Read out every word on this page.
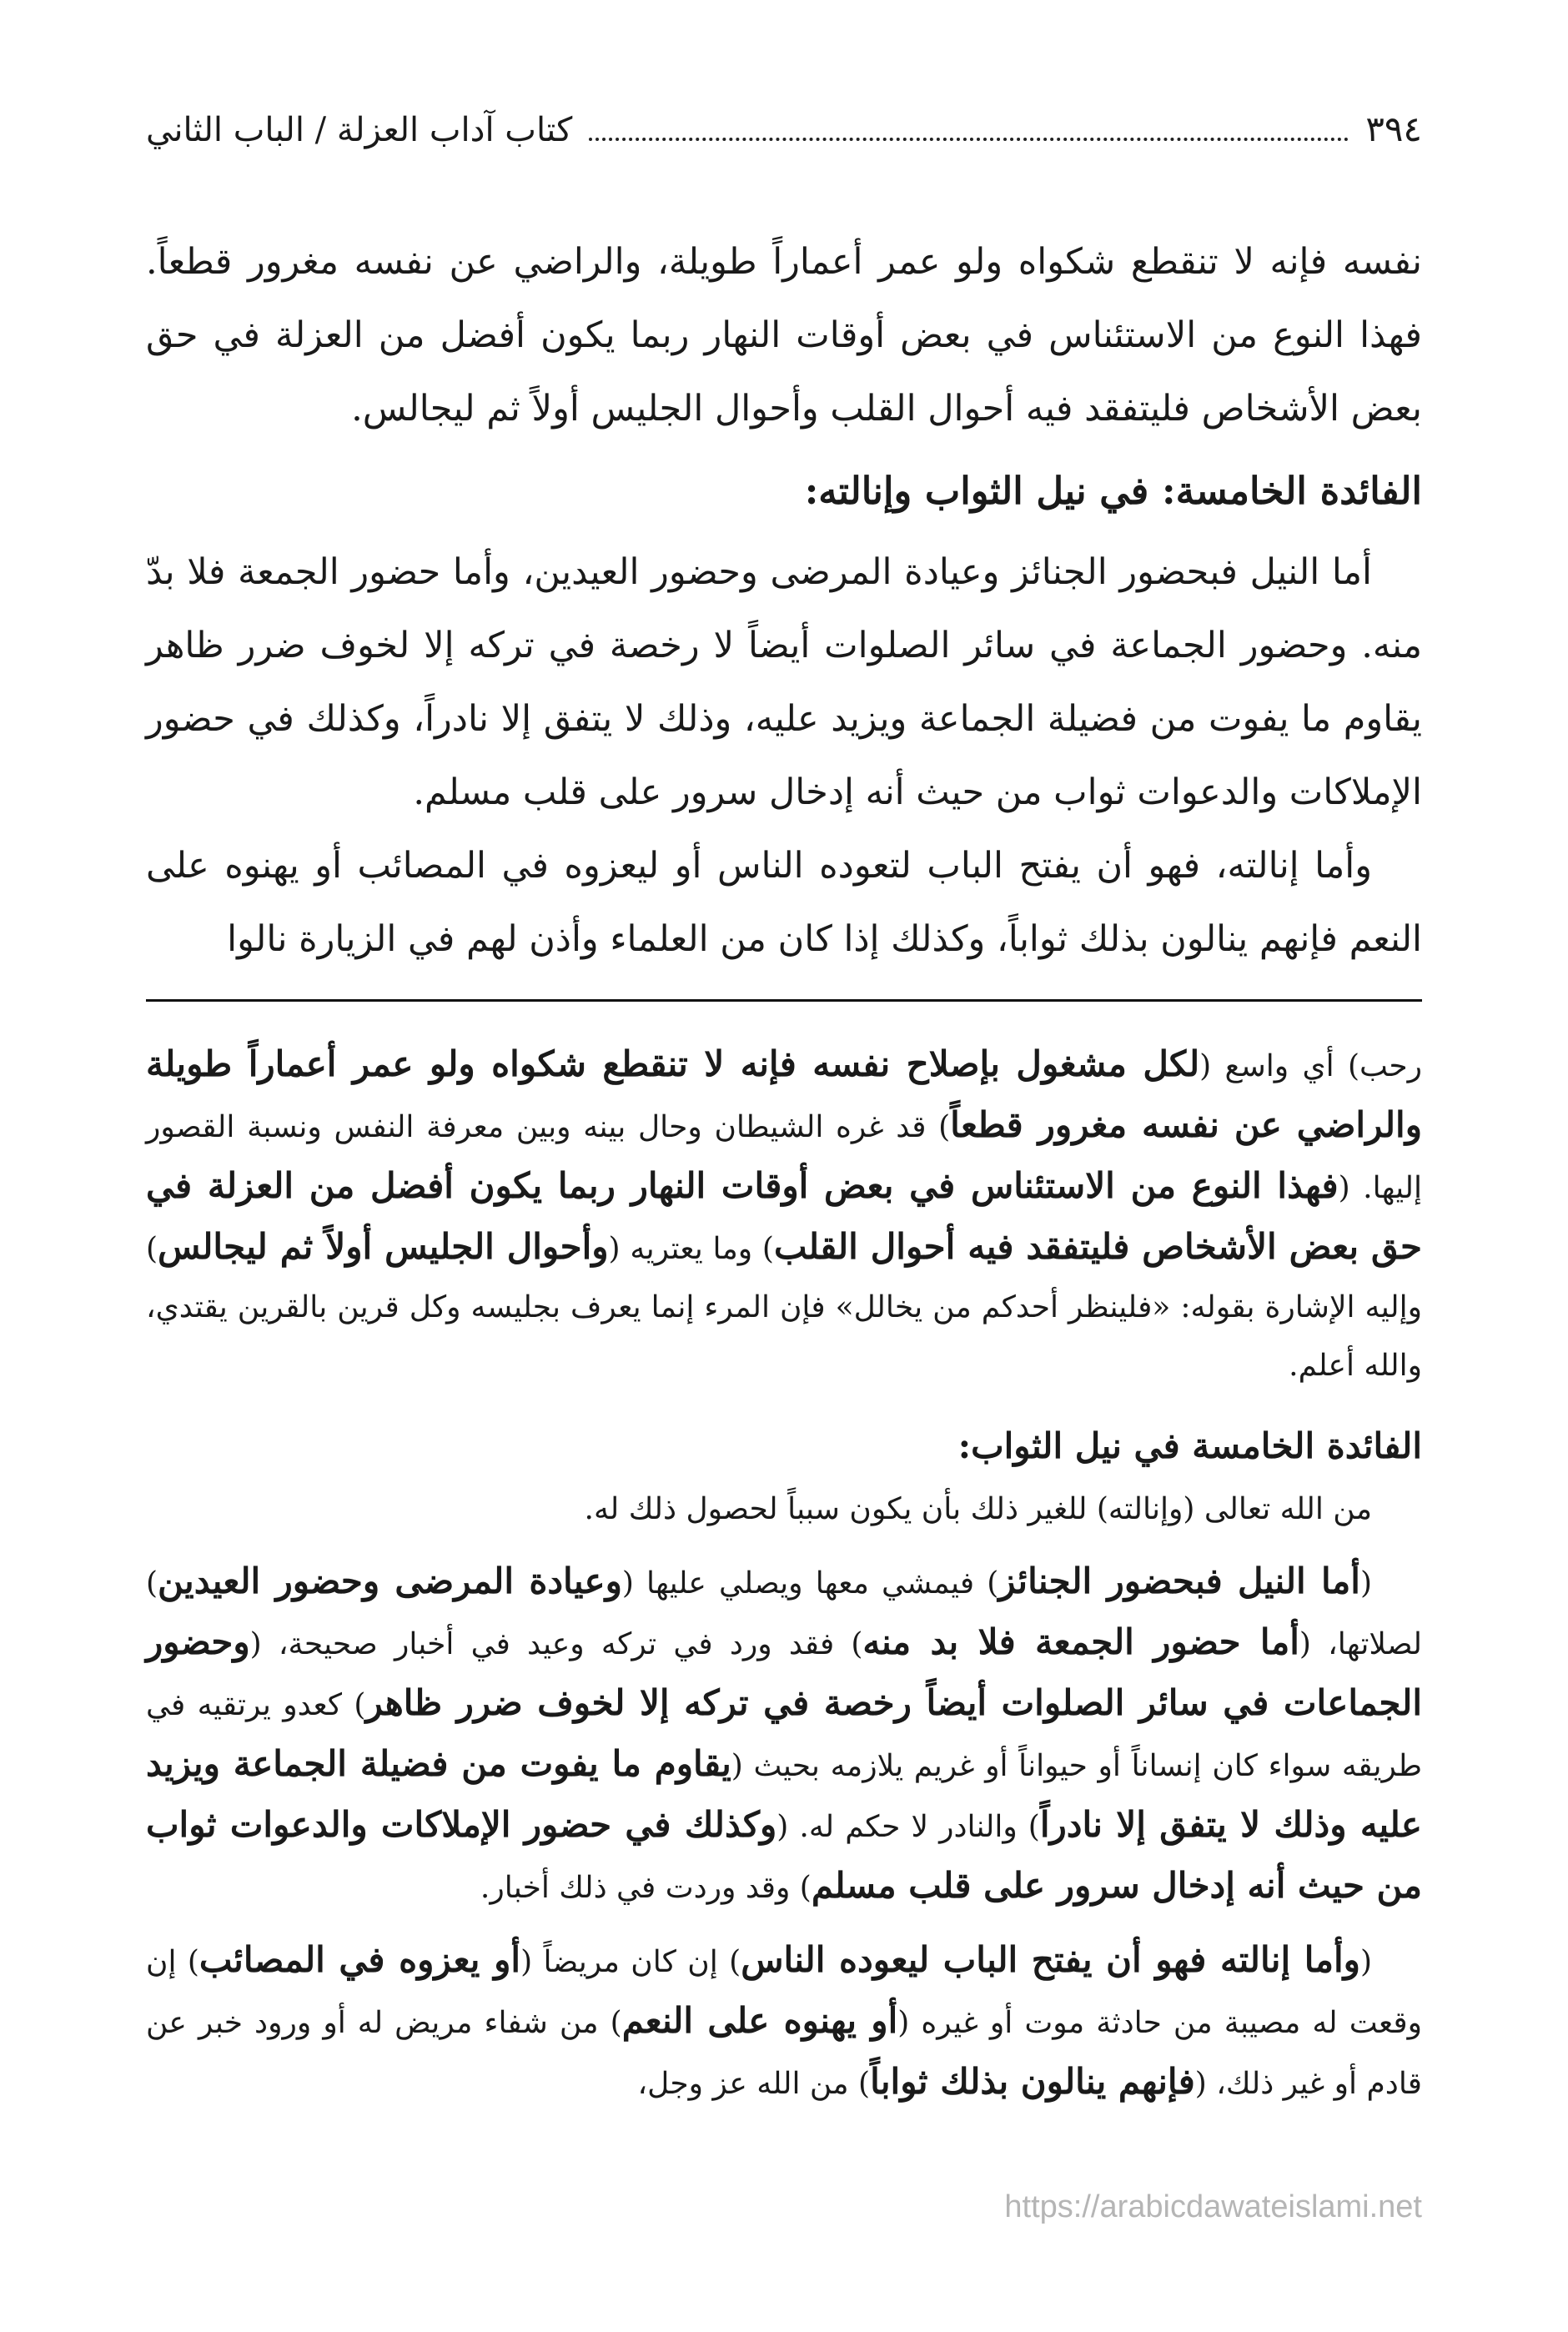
٣٩٤
كتاب آداب العزلة / الباب الثاني

نفسه فإنه لا تنقطع شكواه ولو عمر أعماراً طويلة، والراضي عن نفسه مغرور قطعاً. فهذا النوع من الاستئناس في بعض أوقات النهار ربما يكون أفضل من العزلة في حق بعض الأشخاص فليتفقد فيه أحوال القلب وأحوال الجليس أولاً ثم ليجالس.

الفائدة الخامسة: في نيل الثواب وإنالته:

أما النيل فبحضور الجنائز وعيادة المرضى وحضور العيدين، وأما حضور الجمعة فلا بدّ منه. وحضور الجماعة في سائر الصلوات أيضاً لا رخصة في تركه إلا لخوف ضرر ظاهر يقاوم ما يفوت من فضيلة الجماعة ويزيد عليه، وذلك لا يتفق إلا نادراً، وكذلك في حضور الإملاكات والدعوات ثواب من حيث أنه إدخال سرور على قلب مسلم.

وأما إنالته، فهو أن يفتح الباب لتعوده الناس أو ليعزوه في المصائب أو يهنوه على النعم فإنهم ينالون بذلك ثواباً، وكذلك إذا كان من العلماء وأذن لهم في الزيارة نالوا

رحب) أي واسع (لكل مشغول بإصلاح نفسه فإنه لا تنقطع شكواه ولو عمر أعماراً طويلة والراضي عن نفسه مغرور قطعاً) قد غره الشيطان وحال بينه وبين معرفة النفس ونسبة القصور إليها. (فهذا النوع من الاستئناس في بعض أوقات النهار ربما يكون أفضل من العزلة في حق بعض الأشخاص فليتفقد فيه أحوال القلب) وما يعتريه (وأحوال الجليس أولاً ثم ليجالس) وإليه الإشارة بقوله: «فلينظر أحدكم من يخالل» فإن المرء إنما يعرف بجليسه وكل قرين بالقرين يقتدي، والله أعلم.

الفائدة الخامسة في نيل الثواب:

من الله تعالى (وإنالته) للغير ذلك بأن يكون سبباً لحصول ذلك له.

(أما النيل فبحضور الجنائز) فيمشي معها ويصلي عليها (وعيادة المرضى وحضور العيدين) لصلاتها، (أما حضور الجمعة فلا بد منه) فقد ورد في تركه وعيد في أخبار صحيحة، (وحضور الجماعات في سائر الصلوات أيضاً رخصة في تركه إلا لخوف ضرر ظاهر) كعدو يرتقيه في طريقه سواء كان إنساناً أو حيواناً أو غريم يلازمه بحيث (يقاوم ما يفوت من فضيلة الجماعة ويزيد عليه وذلك لا يتفق إلا نادراً) والنادر لا حكم له. (وكذلك في حضور الإملاكات والدعوات ثواب من حيث أنه إدخال سرور على قلب مسلم) وقد وردت في ذلك أخبار.

(وأما إنالته فهو أن يفتح الباب ليعوده الناس) إن كان مريضاً (أو يعزوه في المصائب) إن وقعت له مصيبة من حادثة موت أو غيره (أو يهنوه على النعم) من شفاء مريض له أو ورود خبر عن قادم أو غير ذلك، (فإنهم ينالون بذلك ثواباً) من الله عز وجل،

https://arabicdawateislami.net
